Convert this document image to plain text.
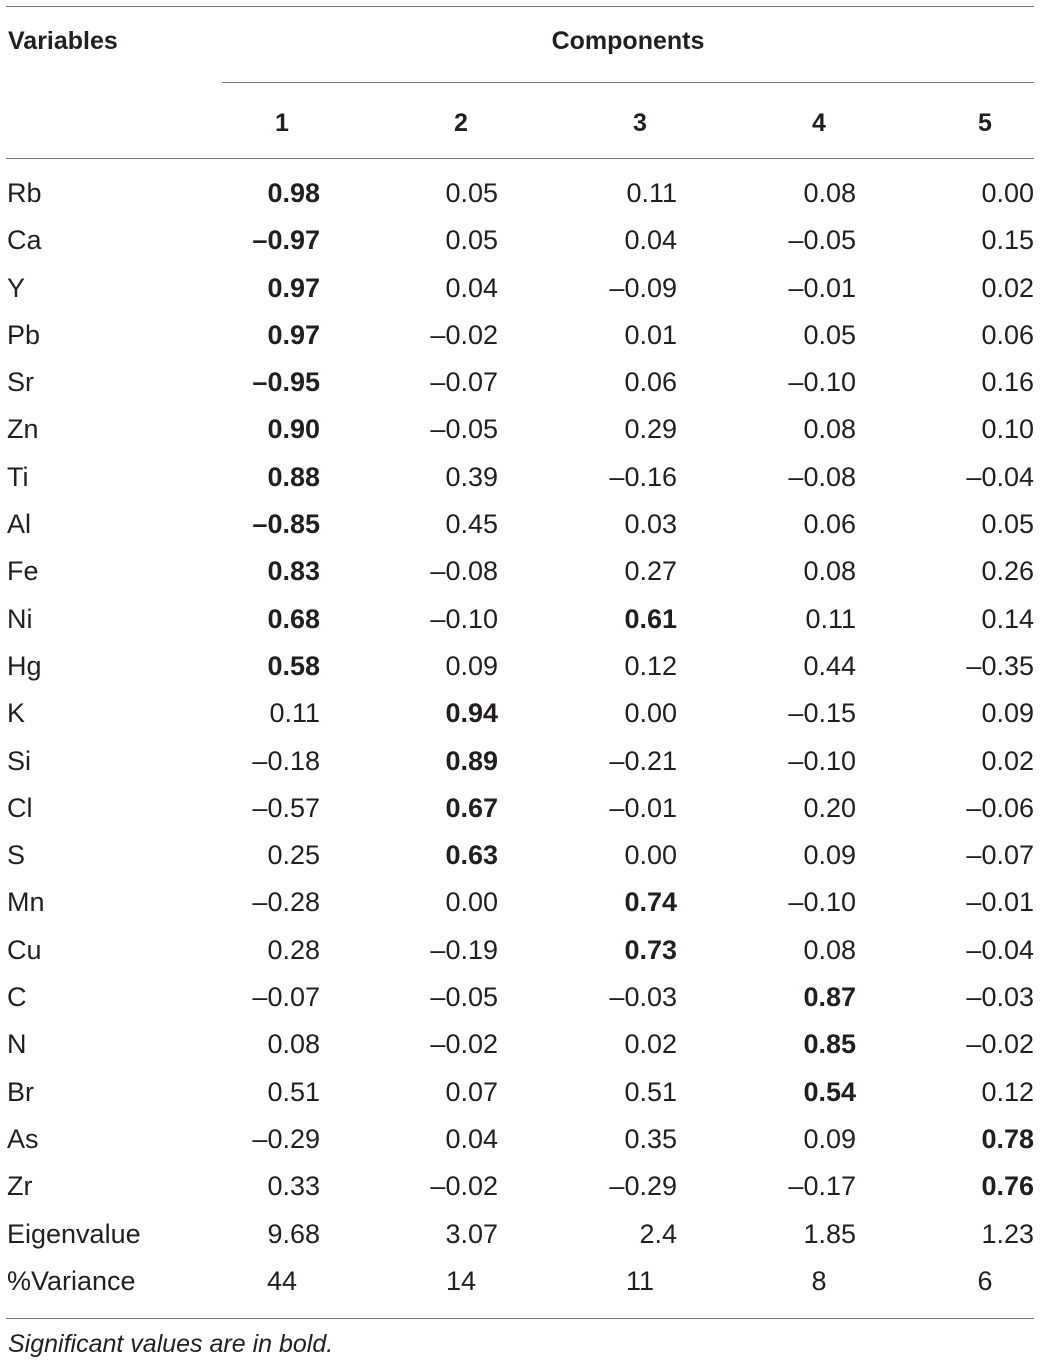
Variables	Components
1	2	3	4	5
Rb	0.98	0.05	0.11	0.08	0.00
Ca	–0.97	0.05	0.04	–0.05	0.15
Y	0.97	0.04	–0.09	–0.01	0.02
Pb	0.97	–0.02	0.01	0.05	0.06
Sr	–0.95	–0.07	0.06	–0.10	0.16
Zn	0.90	–0.05	0.29	0.08	0.10
Ti	0.88	0.39	–0.16	–0.08	–0.04
Al	–0.85	0.45	0.03	0.06	0.05
Fe	0.83	–0.08	0.27	0.08	0.26
Ni	0.68	–0.10	0.61	0.11	0.14
Hg	0.58	0.09	0.12	0.44	–0.35
K	0.11	0.94	0.00	–0.15	0.09
Si	–0.18	0.89	–0.21	–0.10	0.02
Cl	–0.57	0.67	–0.01	0.20	–0.06
S	0.25	0.63	0.00	0.09	–0.07
Mn	–0.28	0.00	0.74	–0.10	–0.01
Cu	0.28	–0.19	0.73	0.08	–0.04
C	–0.07	–0.05	–0.03	0.87	–0.03
N	0.08	–0.02	0.02	0.85	–0.02
Br	0.51	0.07	0.51	0.54	0.12
As	–0.29	0.04	0.35	0.09	0.78
Zr	0.33	–0.02	–0.29	–0.17	0.76
Eigenvalue	9.68	3.07	2.4	1.85	1.23
%Variance	44	14	11	8	6
Significant values are in bold.
